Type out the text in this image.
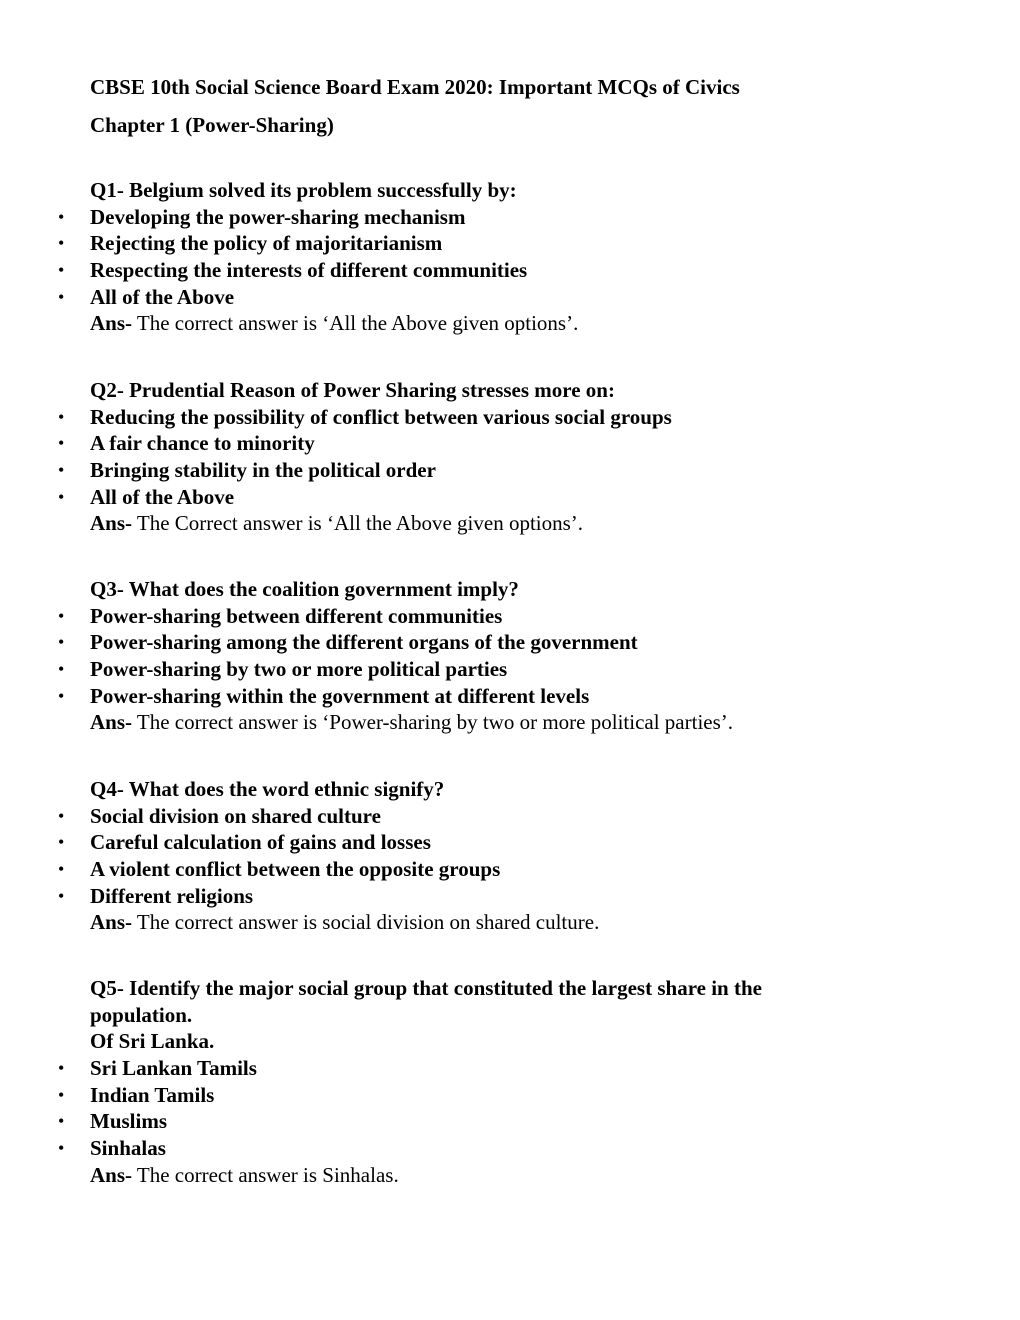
CBSE 10th Social Science Board Exam 2020: Important MCQs of Civics
Chapter 1 (Power-Sharing)
Q1- Belgium solved its problem successfully by:
• Developing the power-sharing mechanism
• Rejecting the policy of majoritarianism
• Respecting the interests of different communities
• All of the Above
Ans- The correct answer is ‘All the Above given options’.
Q2- Prudential Reason of Power Sharing stresses more on:
• Reducing the possibility of conflict between various social groups
• A fair chance to minority
• Bringing stability in the political order
• All of the Above
Ans- The Correct answer is ‘All the Above given options’.
Q3- What does the coalition government imply?
• Power-sharing between different communities
• Power-sharing among the different organs of the government
• Power-sharing by two or more political parties
• Power-sharing within the government at different levels
Ans- The correct answer is ‘Power-sharing by two or more political parties’.
Q4- What does the word ethnic signify?
• Social division on shared culture
• Careful calculation of gains and losses
• A violent conflict between the opposite groups
• Different religions
Ans- The correct answer is social division on shared culture.
Q5- Identify the major social group that constituted the largest share in the
population.
Of Sri Lanka.
• Sri Lankan Tamils
• Indian Tamils
• Muslims
• Sinhalas
Ans- The correct answer is Sinhalas.
